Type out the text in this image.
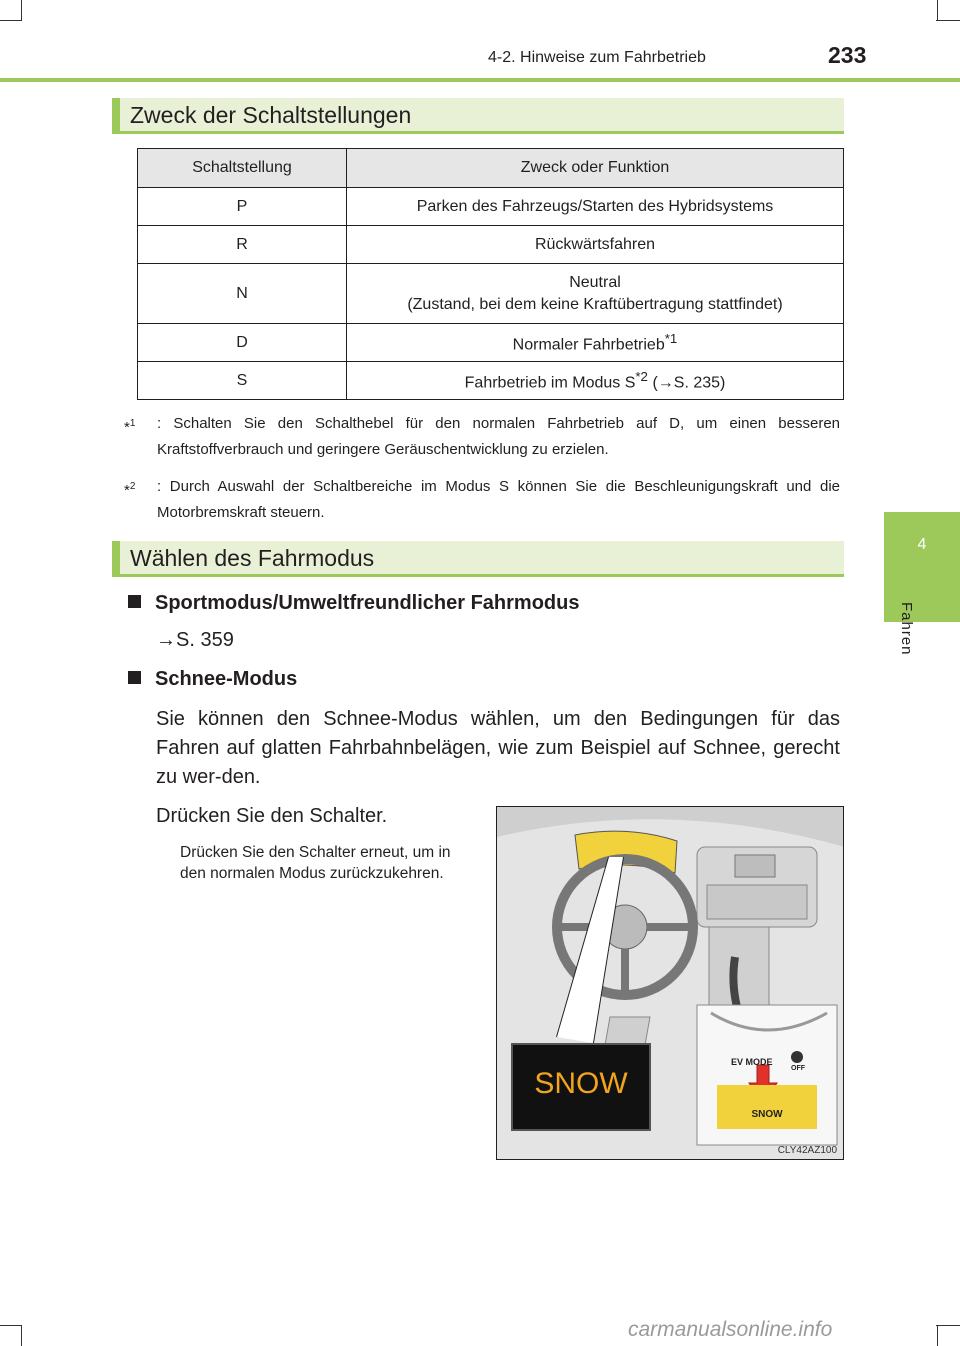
4-2. Hinweise zum Fahrbetrieb	233
4
Fahren
Zweck der Schaltstellungen
Schaltstellung	Zweck oder Funktion
P	Parken des Fahrzeugs/Starten des Hybridsystems
R	Rückwärtsfahren
N	Neutral
(Zustand, bei dem keine Kraftübertragung stattfindet)
D	Normaler Fahrbetrieb$^{*1}$
S	Fahrbetrieb im Modus $S^{*2}$ (→S. 235)
*$^1$ : Schalten Sie den Schalthebel für den normalen Fahrbetrieb auf D, um einen besseren Kraftstoffverbrauch und geringere Geräuschentwicklung zu erzielen.
*$^2$ : Durch Auswahl der Schaltbereiche im Modus S können Sie die Beschleunigungskraft und die Motorbremskraft steuern.
Wählen des Fahrmodus
Sportmodus/Umweltfreundlicher Fahrmodus
→S. 359
Schnee-Modus
Sie können den Schnee-Modus wählen, um den Bedingungen für das Fahren auf glatten Fahrbahnbelägen, wie zum Beispiel auf Schnee, gerecht zu wer-den.
Drücken Sie den Schalter.
Drücken Sie den Schalter erneut, um in den normalen Modus zurückzukehren.
SNOW
EV MODE
OFF
SNOW
CLY42AZ100
carmanualsonline.info
